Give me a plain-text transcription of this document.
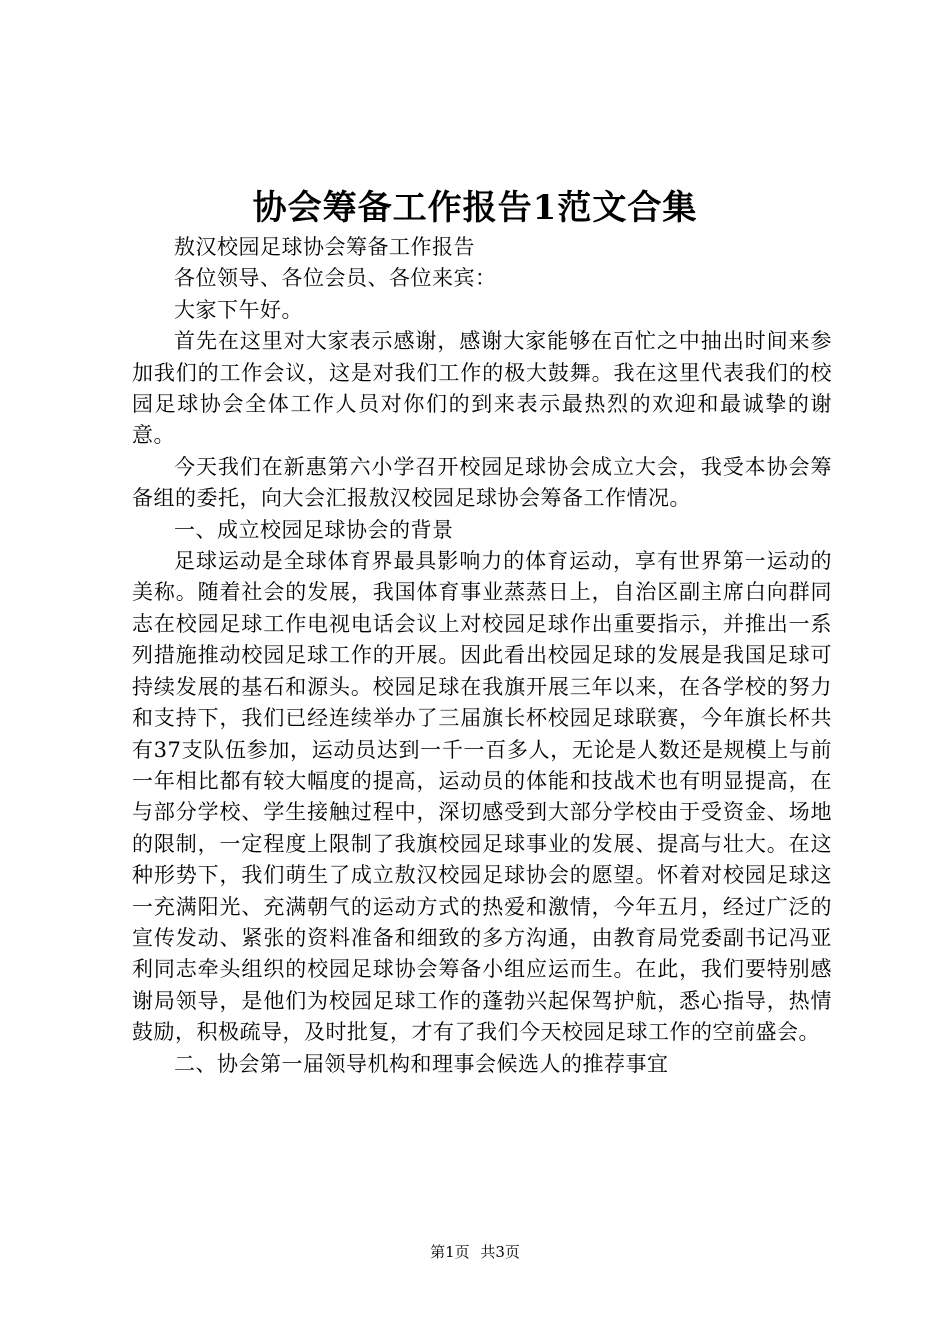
协会筹备工作报告1范文合集

敖汉校园足球协会筹备工作报告

各位领导、各位会员、各位来宾：

大家下午好。

首先在这里对大家表示感谢，感谢大家能够在百忙之中抽出时间来参加我们的工作会议，这是对我们工作的极大鼓舞。我在这里代表我们的校园足球协会全体工作人员对你们的到来表示最热烈的欢迎和最诚挚的谢意。

今天我们在新惠第六小学召开校园足球协会成立大会，我受本协会筹备组的委托，向大会汇报敖汉校园足球协会筹备工作情况。

一、成立校园足球协会的背景

足球运动是全球体育界最具影响力的体育运动，享有世界第一运动的美称。随着社会的发展，我国体育事业蒸蒸日上，自治区副主席白向群同志在校园足球工作电视电话会议上对校园足球作出重要指示，并推出一系列措施推动校园足球工作的开展。因此看出校园足球的发展是我国足球可持续发展的基石和源头。校园足球在我旗开展三年以来，在各学校的努力和支持下，我们已经连续举办了三届旗长杯校园足球联赛，今年旗长杯共有37支队伍参加，运动员达到一千一百多人，无论是人数还是规模上与前一年相比都有较大幅度的提高，运动员的体能和技战术也有明显提高，在与部分学校、学生接触过程中，深切感受到大部分学校由于受资金、场地的限制，一定程度上限制了我旗校园足球事业的发展、提高与壮大。在这种形势下，我们萌生了成立敖汉校园足球协会的愿望。怀着对校园足球这一充满阳光、充满朝气的运动方式的热爱和激情，今年五月，经过广泛的宣传发动、紧张的资料准备和细致的多方沟通，由教育局党委副书记冯亚利同志牵头组织的校园足球协会筹备小组应运而生。在此，我们要特别感谢局领导，是他们为校园足球工作的蓬勃兴起保驾护航，悉心指导，热情鼓励，积极疏导，及时批复，才有了我们今天校园足球工作的空前盛会。

二、协会第一届领导机构和理事会候选人的推荐事宜

第1页 共3页
